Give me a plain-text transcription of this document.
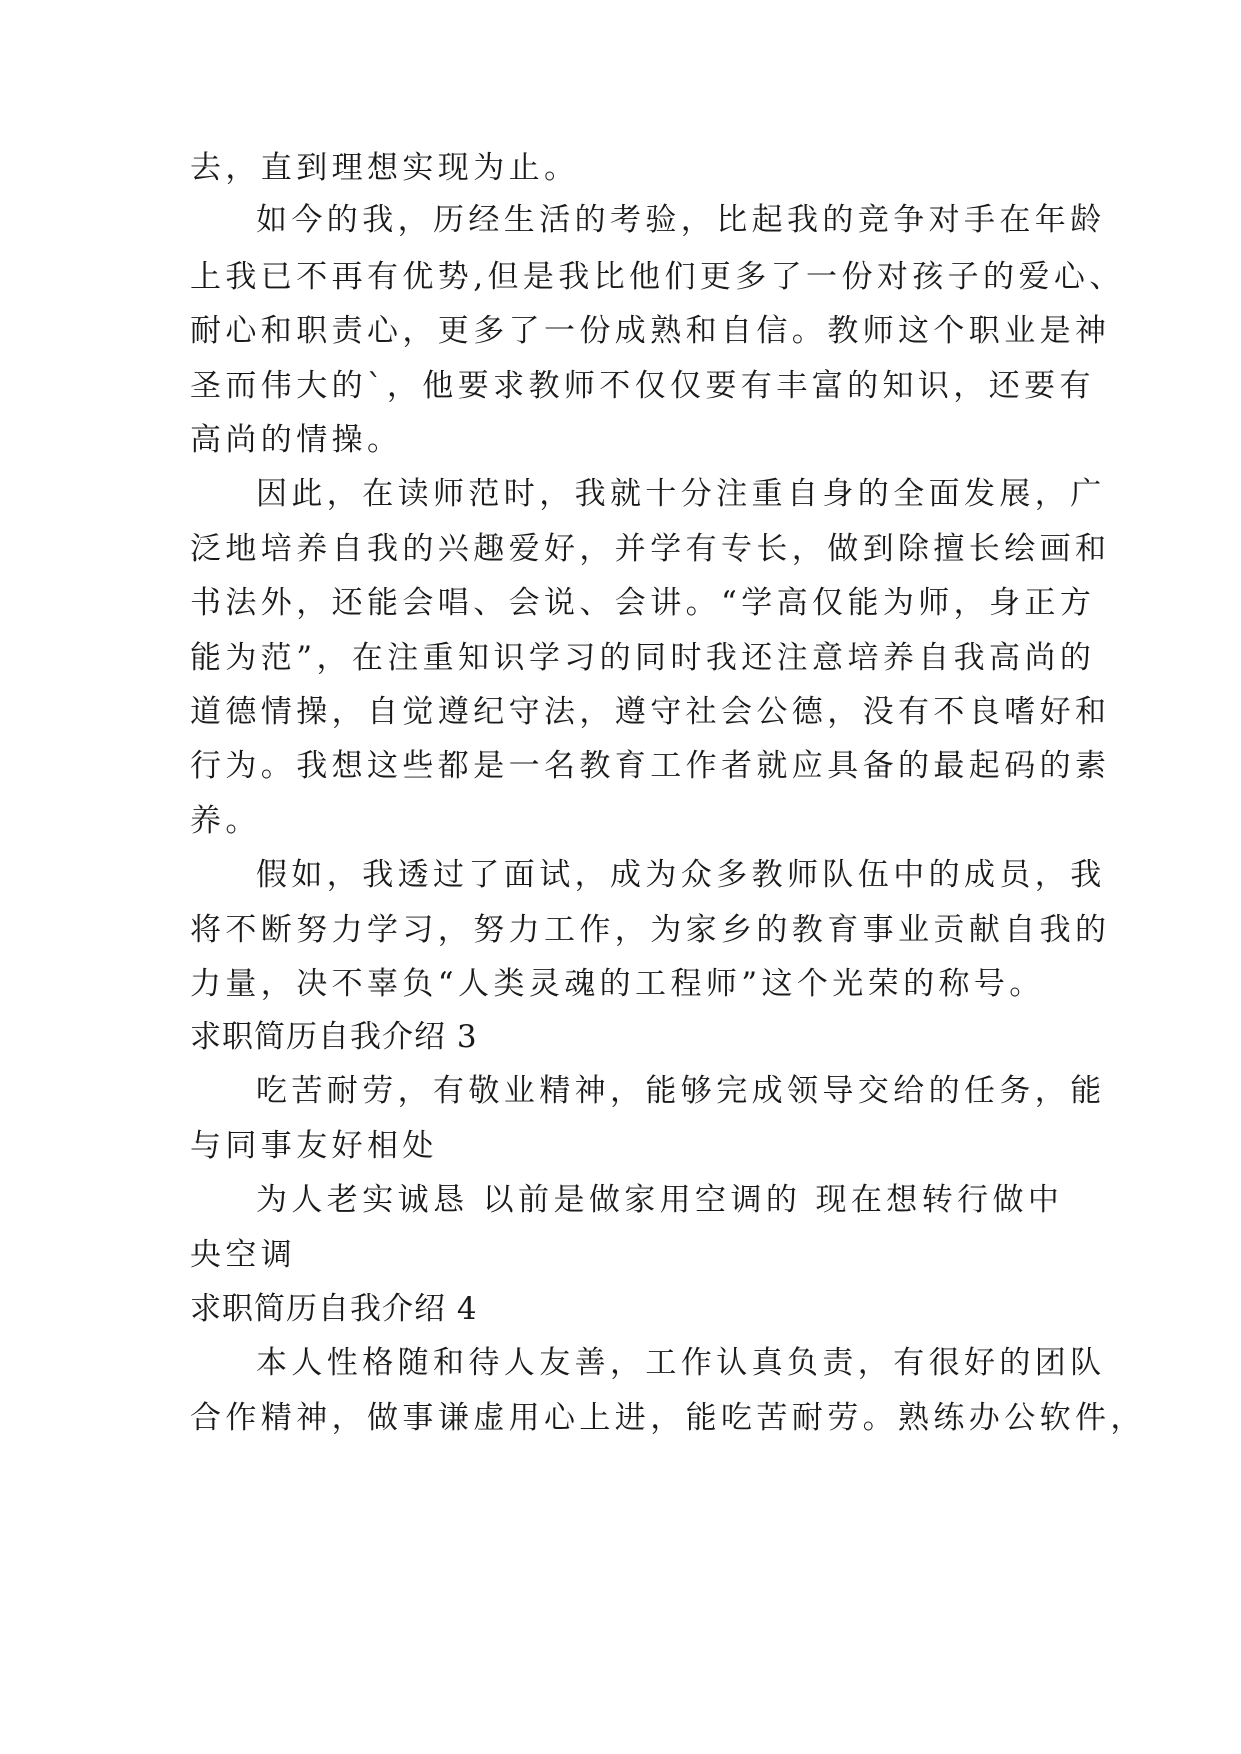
去，直到理想实现为止。
如今的我，历经生活的考验，比起我的竞争对手在年龄
上我已不再有优势,但是我比他们更多了一份对孩子的爱心、
耐心和职责心，更多了一份成熟和自信。教师这个职业是神
圣而伟大的`，他要求教师不仅仅要有丰富的知识，还要有
高尚的情操。
因此，在读师范时，我就十分注重自身的全面发展，广
泛地培养自我的兴趣爱好，并学有专长，做到除擅长绘画和
书法外，还能会唱、会说、会讲。“学高仅能为师，身正方
能为范”，在注重知识学习的同时我还注意培养自我高尚的
道德情操，自觉遵纪守法，遵守社会公德，没有不良嗜好和
行为。我想这些都是一名教育工作者就应具备的最起码的素
养。
假如，我透过了面试，成为众多教师队伍中的成员，我
将不断努力学习，努力工作，为家乡的教育事业贡献自我的
力量，决不辜负“人类灵魂的工程师”这个光荣的称号。
求职简历自我介绍 3
吃苦耐劳，有敬业精神，能够完成领导交给的任务，能
与同事友好相处
为人老实诚恳 以前是做家用空调的 现在想转行做中
央空调
求职简历自我介绍 4
本人性格随和待人友善，工作认真负责，有很好的团队
合作精神，做事谦虚用心上进，能吃苦耐劳。熟练办公软件，
